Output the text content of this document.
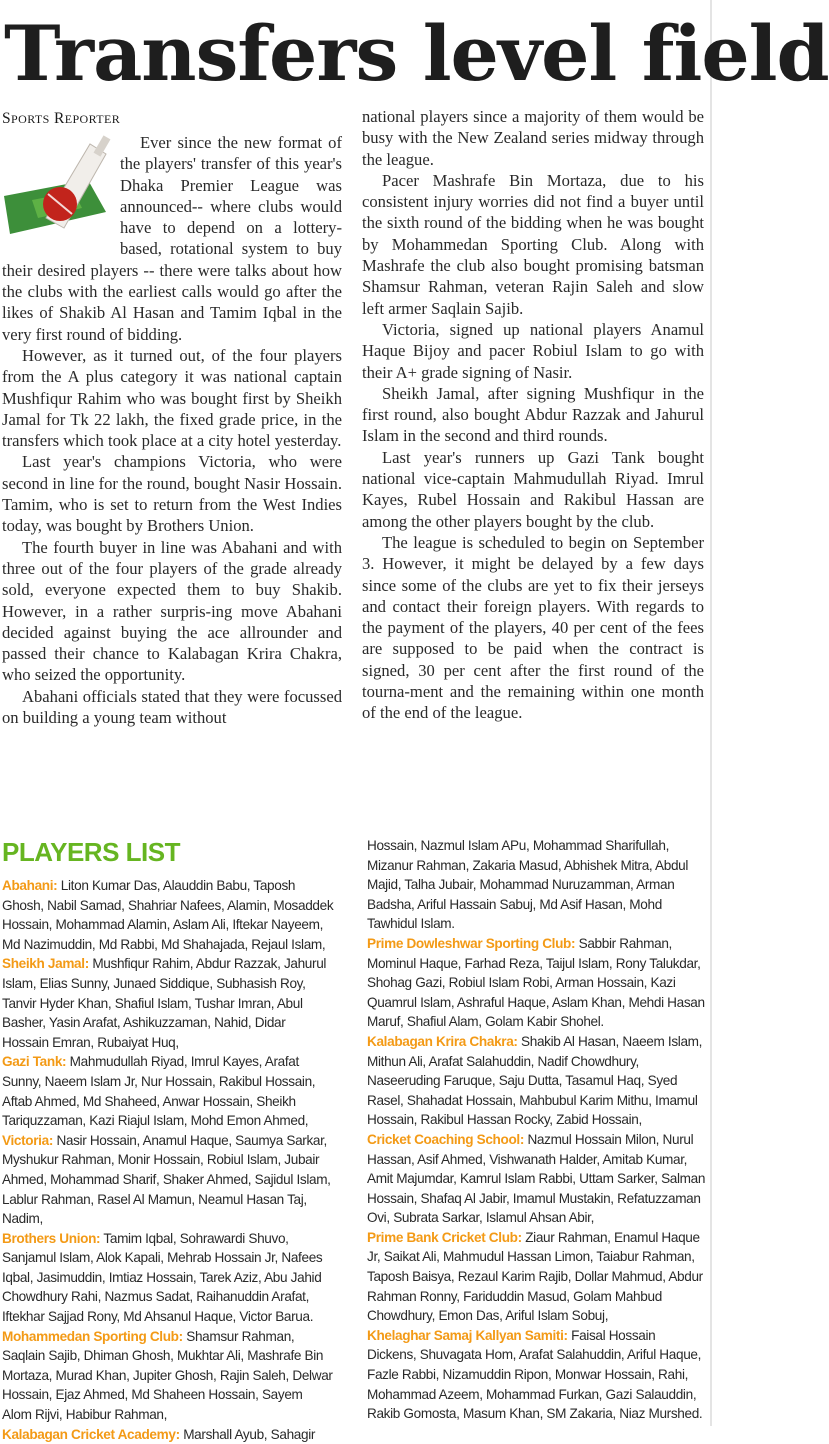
Transfers level field
SPORTS REPORTER

Ever since the new format of the players' transfer of this year's Dhaka Premier League was announced-- where clubs would have to depend on a lottery-based, rotational system to buy their desired players -- there were talks about how the clubs with the earliest calls would go after the likes of Shakib Al Hasan and Tamim Iqbal in the very first round of bidding.

However, as it turned out, of the four players from the A plus category it was national captain Mushfiqur Rahim who was bought first by Sheikh Jamal for Tk 22 lakh, the fixed grade price, in the transfers which took place at a city hotel yesterday.

Last year's champions Victoria, who were second in line for the round, bought Nasir Hossain. Tamim, who is set to return from the West Indies today, was bought by Brothers Union.

The fourth buyer in line was Abahani and with three out of the four players of the grade already sold, everyone expected them to buy Shakib. However, in a rather surpris-ing move Abahani decided against buying the ace allrounder and passed their chance to Kalabagan Krira Chakra, who seized the opportunity.

Abahani officials stated that they were focussed on building a young team without

national players since a majority of them would be busy with the New Zealand series midway through the league.

Pacer Mashrafe Bin Mortaza, due to his consistent injury worries did not find a buyer until the sixth round of the bidding when he was bought by Mohammedan Sporting Club. Along with Mashrafe the club also bought promising batsman Shamsur Rahman, veteran Rajin Saleh and slow left armer Saqlain Sajib.

Victoria, signed up national players Anamul Haque Bijoy and pacer Robiul Islam to go with their A+ grade signing of Nasir.

Sheikh Jamal, after signing Mushfiqur in the first round, also bought Abdur Razzak and Jahurul Islam in the second and third rounds.

Last year's runners up Gazi Tank bought national vice-captain Mahmudullah Riyad. Imrul Kayes, Rubel Hossain and Rakibul Hassan are among the other players bought by the club.

The league is scheduled to begin on September 3. However, it might be delayed by a few days since some of the clubs are yet to fix their jerseys and contact their foreign players. With regards to the payment of the players, 40 per cent of the fees are supposed to be paid when the contract is signed, 30 per cent after the first round of the tourna-ment and the remaining within one month of the end of the league.

PLAYERS LIST

Abahani: Liton Kumar Das, Alauddin Babu, Taposh Ghosh, Nabil Samad, Shahriar Nafees, Alamin, Mosaddek Hossain, Mohammad Alamin, Aslam Ali, Iftekar Nayeem, Md Nazimuddin, Md Rabbi, Md Shahajada, Rejaul Islam,

Sheikh Jamal: Mushfiqur Rahim, Abdur Razzak, Jahurul Islam, Elias Sunny, Junaed Siddique, Subhasish Roy, Tanvir Hyder Khan, Shafiul Islam, Tushar Imran, Abul Basher, Yasin Arafat, Ashikuzzaman, Nahid, Didar Hossain Emran, Rubaiyat Huq,

Gazi Tank: Mahmudullah Riyad, Imrul Kayes, Arafat Sunny, Naeem Islam Jr, Nur Hossain, Rakibul Hossain, Aftab Ahmed, Md Shaheed, Anwar Hossain, Sheikh Tariquzzaman, Kazi Riajul Islam, Mohd Emon Ahmed,

Victoria: Nasir Hossain, Anamul Haque, Saumya Sarkar, Myshukur Rahman, Monir Hossain, Robiul Islam, Jubair Ahmed, Mohammad Sharif, Shaker Ahmed, Sajidul Islam, Lablur Rahman, Rasel Al Mamun, Neamul Hasan Taj, Nadim,

Brothers Union: Tamim Iqbal, Sohrawardi Shuvo, Sanjamul Islam, Alok Kapali, Mehrab Hossain Jr, Nafees Iqbal, Jasimuddin, Imtiaz Hossain, Tarek Aziz, Abu Jahid Chowdhury Rahi, Nazmus Sadat, Raihanuddin Arafat, Iftekhar Sajjad Rony, Md Ahsanul Haque, Victor Barua.

Mohammedan Sporting Club: Shamsur Rahman, Saqlain Sajib, Dhiman Ghosh, Mukhtar Ali, Mashrafe Bin Mortaza, Murad Khan, Jupiter Ghosh, Rajin Saleh, Delwar Hossain, Ejaz Ahmed, Md Shaheen Hossain, Sayem Alom Rijvi, Habibur Rahman,

Kalabagan Cricket Academy: Marshall Ayub, Sahagir

Hossain, Nazmul Islam APu, Mohammad Sharifullah, Mizanur Rahman, Zakaria Masud, Abhishek Mitra, Abdul Majid, Talha Jubair, Mohammad Nuruzamman, Arman Badsha, Ariful Hassain Sabuj, Md Asif Hasan, Mohd Tawhidul Islam.

Prime Dowleshwar Sporting Club: Sabbir Rahman, Mominul Haque, Farhad Reza, Taijul Islam, Rony Talukdar, Shohag Gazi, Robiul Islam Robi, Arman Hossain, Kazi Quamrul Islam, Ashraful Haque, Aslam Khan, Mehdi Hasan Maruf, Shafiul Alam, Golam Kabir Shohel.

Kalabagan Krira Chakra: Shakib Al Hasan, Naeem Islam, Mithun Ali, Arafat Salahuddin, Nadif Chowdhury, Naseeruding Faruque, Saju Dutta, Tasamul Haq, Syed Rasel, Shahadat Hossain, Mahbubul Karim Mithu, Imamul Hossain, Rakibul Hassan Rocky, Zabid Hossain,

Cricket Coaching School: Nazmul Hossain Milon, Nurul Hassan, Asif Ahmed, Vishwanath Halder, Amitab Kumar, Amit Majumdar, Kamrul Islam Rabbi, Uttam Sarker, Salman Hossain, Shafaq Al Jabir, Imamul Mustakin, Refatuzzaman Ovi, Subrata Sarkar, Islamul Ahsan Abir,

Prime Bank Cricket Club: Ziaur Rahman, Enamul Haque Jr, Saikat Ali, Mahmudul Hassan Limon, Taiabur Rahman, Taposh Baisya, Rezaul Karim Rajib, Dollar Mahmud, Abdur Rahman Ronny, Fariduddin Masud, Golam Mahbud Chowdhury, Emon Das, Ariful Islam Sobuj,

Khelaghar Samaj Kallyan Samiti: Faisal Hossain Dickens, Shuvagata Hom, Arafat Salahuddin, Ariful Haque, Fazle Rabbi, Nizamuddin Ripon, Monwar Hossain, Rahi, Mohammad Azeem, Mohammad Furkan, Gazi Salauddin, Rakib Gomosta, Masum Khan, SM Zakaria, Niaz Murshed.
